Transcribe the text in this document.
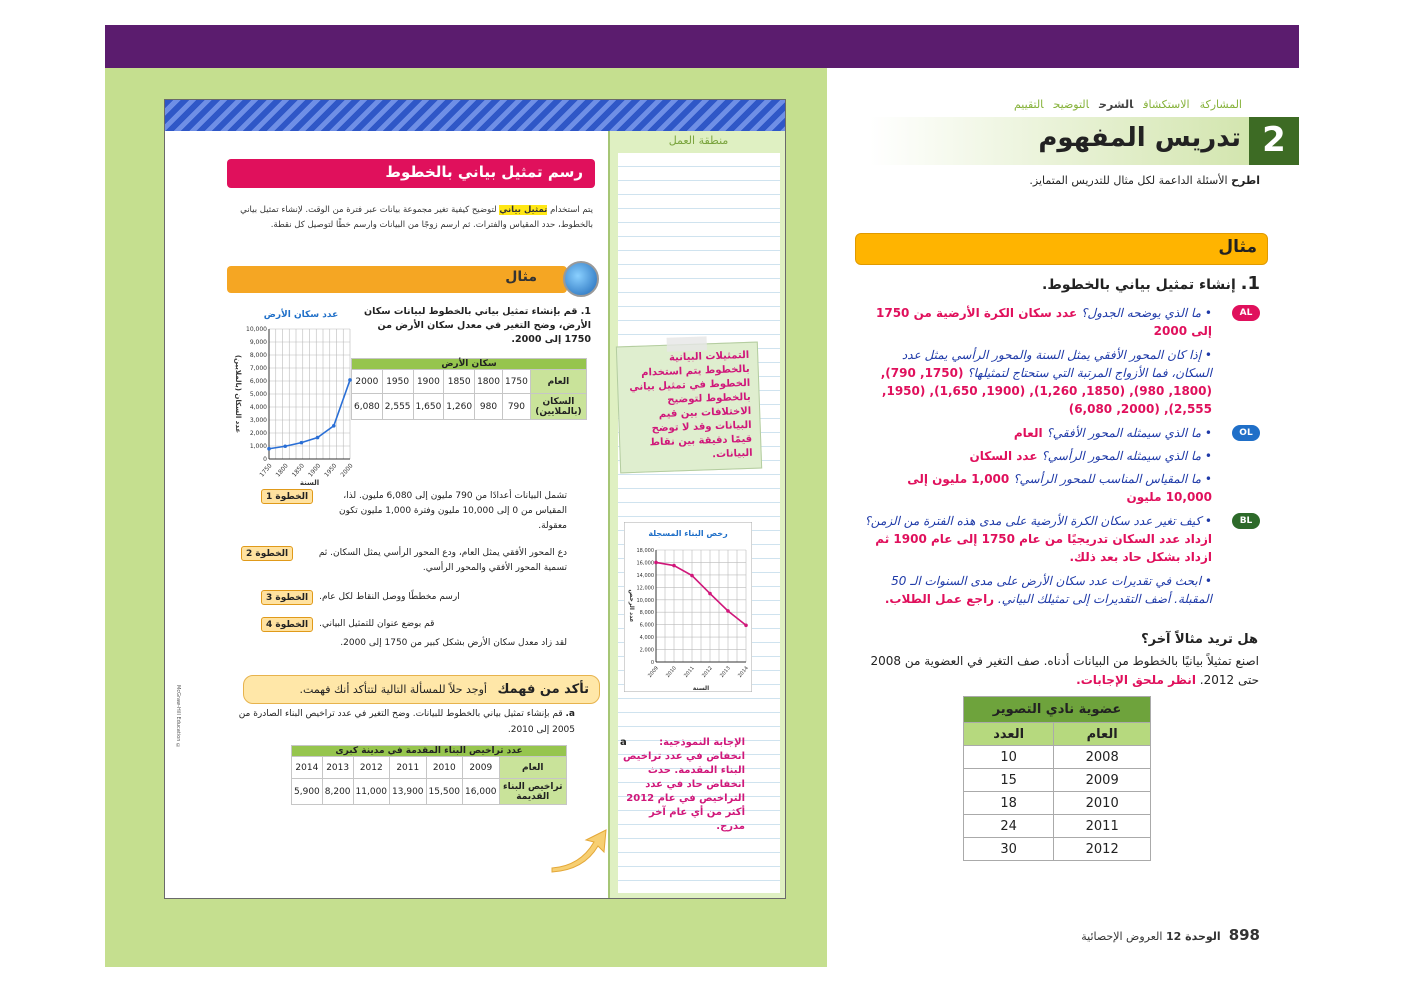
منطقة العمل
التمثيلات البيانية بالخطوط يتم استخدام الخطوط في تمثيل بياني بالخطوط لتوضيح الاختلافات بين قيم البيانات وقد لا توضح قيمًا دقيقة بين نقاط البيانات.
رخص البناء المسجلة
0
2,000
4,000
6,000
8,000
10,000
12,000
14,000
16,000
18,000
2009 2010 2011 2012 2013 2014
السنة
عدد الرخص
a	الإجابة النموذجية: انخفاض في عدد تراخيص البناء المقدمة. حدث انخفاض حاد في عدد التراخيص في عام 2012 أكثر من أي عام آخر مدرج.
رسم تمثيل بياني بالخطوط
يتم استخدام تمثيل بياني لتوضيح كيفية تغير مجموعة بيانات عبر فترة من الوقت. لإنشاء تمثيل بياني بالخطوط، حدد المقياس والفترات. ثم ارسم زوجًا من البيانات وارسم خطًا لتوصيل كل نقطة.
مثال
1. قم بإنشاء تمثيل بياني بالخطوط لبيانات سكان الأرض، وضح التغير في معدل سكان الأرض من 1750 إلى 2000.
سكان الأرض						
العام	1750	1800	1850	1900	1950	2000
السكان (بالملايين)	790	980	1,260	1,650	2,555	6,080
عدد سكان الأرض
0
1,000
2,000
3,000
4,000
5,000
6,000
7,000
8,000
9,000
10,000
1750 1800 1850 1900 1950 2000
السنة
عدد السكان (بالملايين)
الخطوة 1	تشمل البيانات أعدادًا من 790 مليون إلى 6,080 مليون. لذا، المقياس من 0 إلى 10,000 مليون وفترة 1,000 مليون تكون معقولة.
الخطوة 2	دع المحور الأفقي يمثل العام، ودع المحور الرأسي يمثل السكان. ثم تسمية المحور الأفقي والمحور الرأسي.
الخطوة 3	ارسم مخططًا ووصل النقاط لكل عام.
الخطوة 4	قم بوضع عنوان للتمثيل البياني.
لقد زاد معدل سكان الأرض بشكل كبير من 1750 إلى 2000.
تأكد من فهمك   أوجد حلاً للمسألة التالية لتتأكد أنك فهمت.
a. قم بإنشاء تمثيل بياني بالخطوط للبيانات. وضح التغير في عدد تراخيص البناء الصادرة من 2005 إلى 2010.
عدد تراخيص البناء المقدمة في مدينة كبرى						
العام	2009	2010	2011	2012	2013	2014
تراخيص البناء القديمة	16,000	15,500	13,900	11,000	8,200	5,900
McGraw-Hill Education ©
المشاركةالاستكشافالشرحالتوضيحالتقييم
2
تدريس المفهوم
اطرح الأسئلة الداعمة لكل مثال للتدريس المتمايز.
مثال
1. إنشاء تمثيل بياني بالخطوط.
AL
• ما الذي يوضحه الجدول؟ عدد سكان الكرة الأرضية من 1750 إلى 2000
• إذا كان المحور الأفقي يمثل السنة والمحور الرأسي يمثل عدد السكان، فما الأزواج المرتبة التي ستحتاج لتمثيلها؟ (1750, 790), (1800, 980), (1850, 1,260), (1900, 1,650), (1950, 2,555), (2000, 6,080)
OL
• ما الذي سيمثله المحور الأفقي؟ العام
• ما الذي سيمثله المحور الرأسي؟ عدد السكان
• ما المقياس المناسب للمحور الرأسي؟ 1,000 مليون إلى 10,000 مليون
BL
• كيف تغير عدد سكان الكرة الأرضية على مدى هذه الفترة من الزمن؟ ازداد عدد السكان تدريجيًا من عام 1750 إلى عام 1900 ثم ازداد بشكل حاد بعد ذلك.
• ابحث في تقديرات عدد سكان الأرض على مدى السنوات الـ 50 المقبلة. أضف التقديرات إلى تمثيلك البياني. راجع عمل الطلاب.
هل تريد مثالاً آخر؟
اصنع تمثيلاً بيانيًا بالخطوط من البيانات أدناه. صف التغير في العضوية من 2008 حتى 2012. انظر ملحق الإجابات.
عضوية نادي التصوير	
العام	العدد
2008	10
2009	15
2010	18
2011	24
2012	30
898الوحدة 12 العروض الإحصائية
